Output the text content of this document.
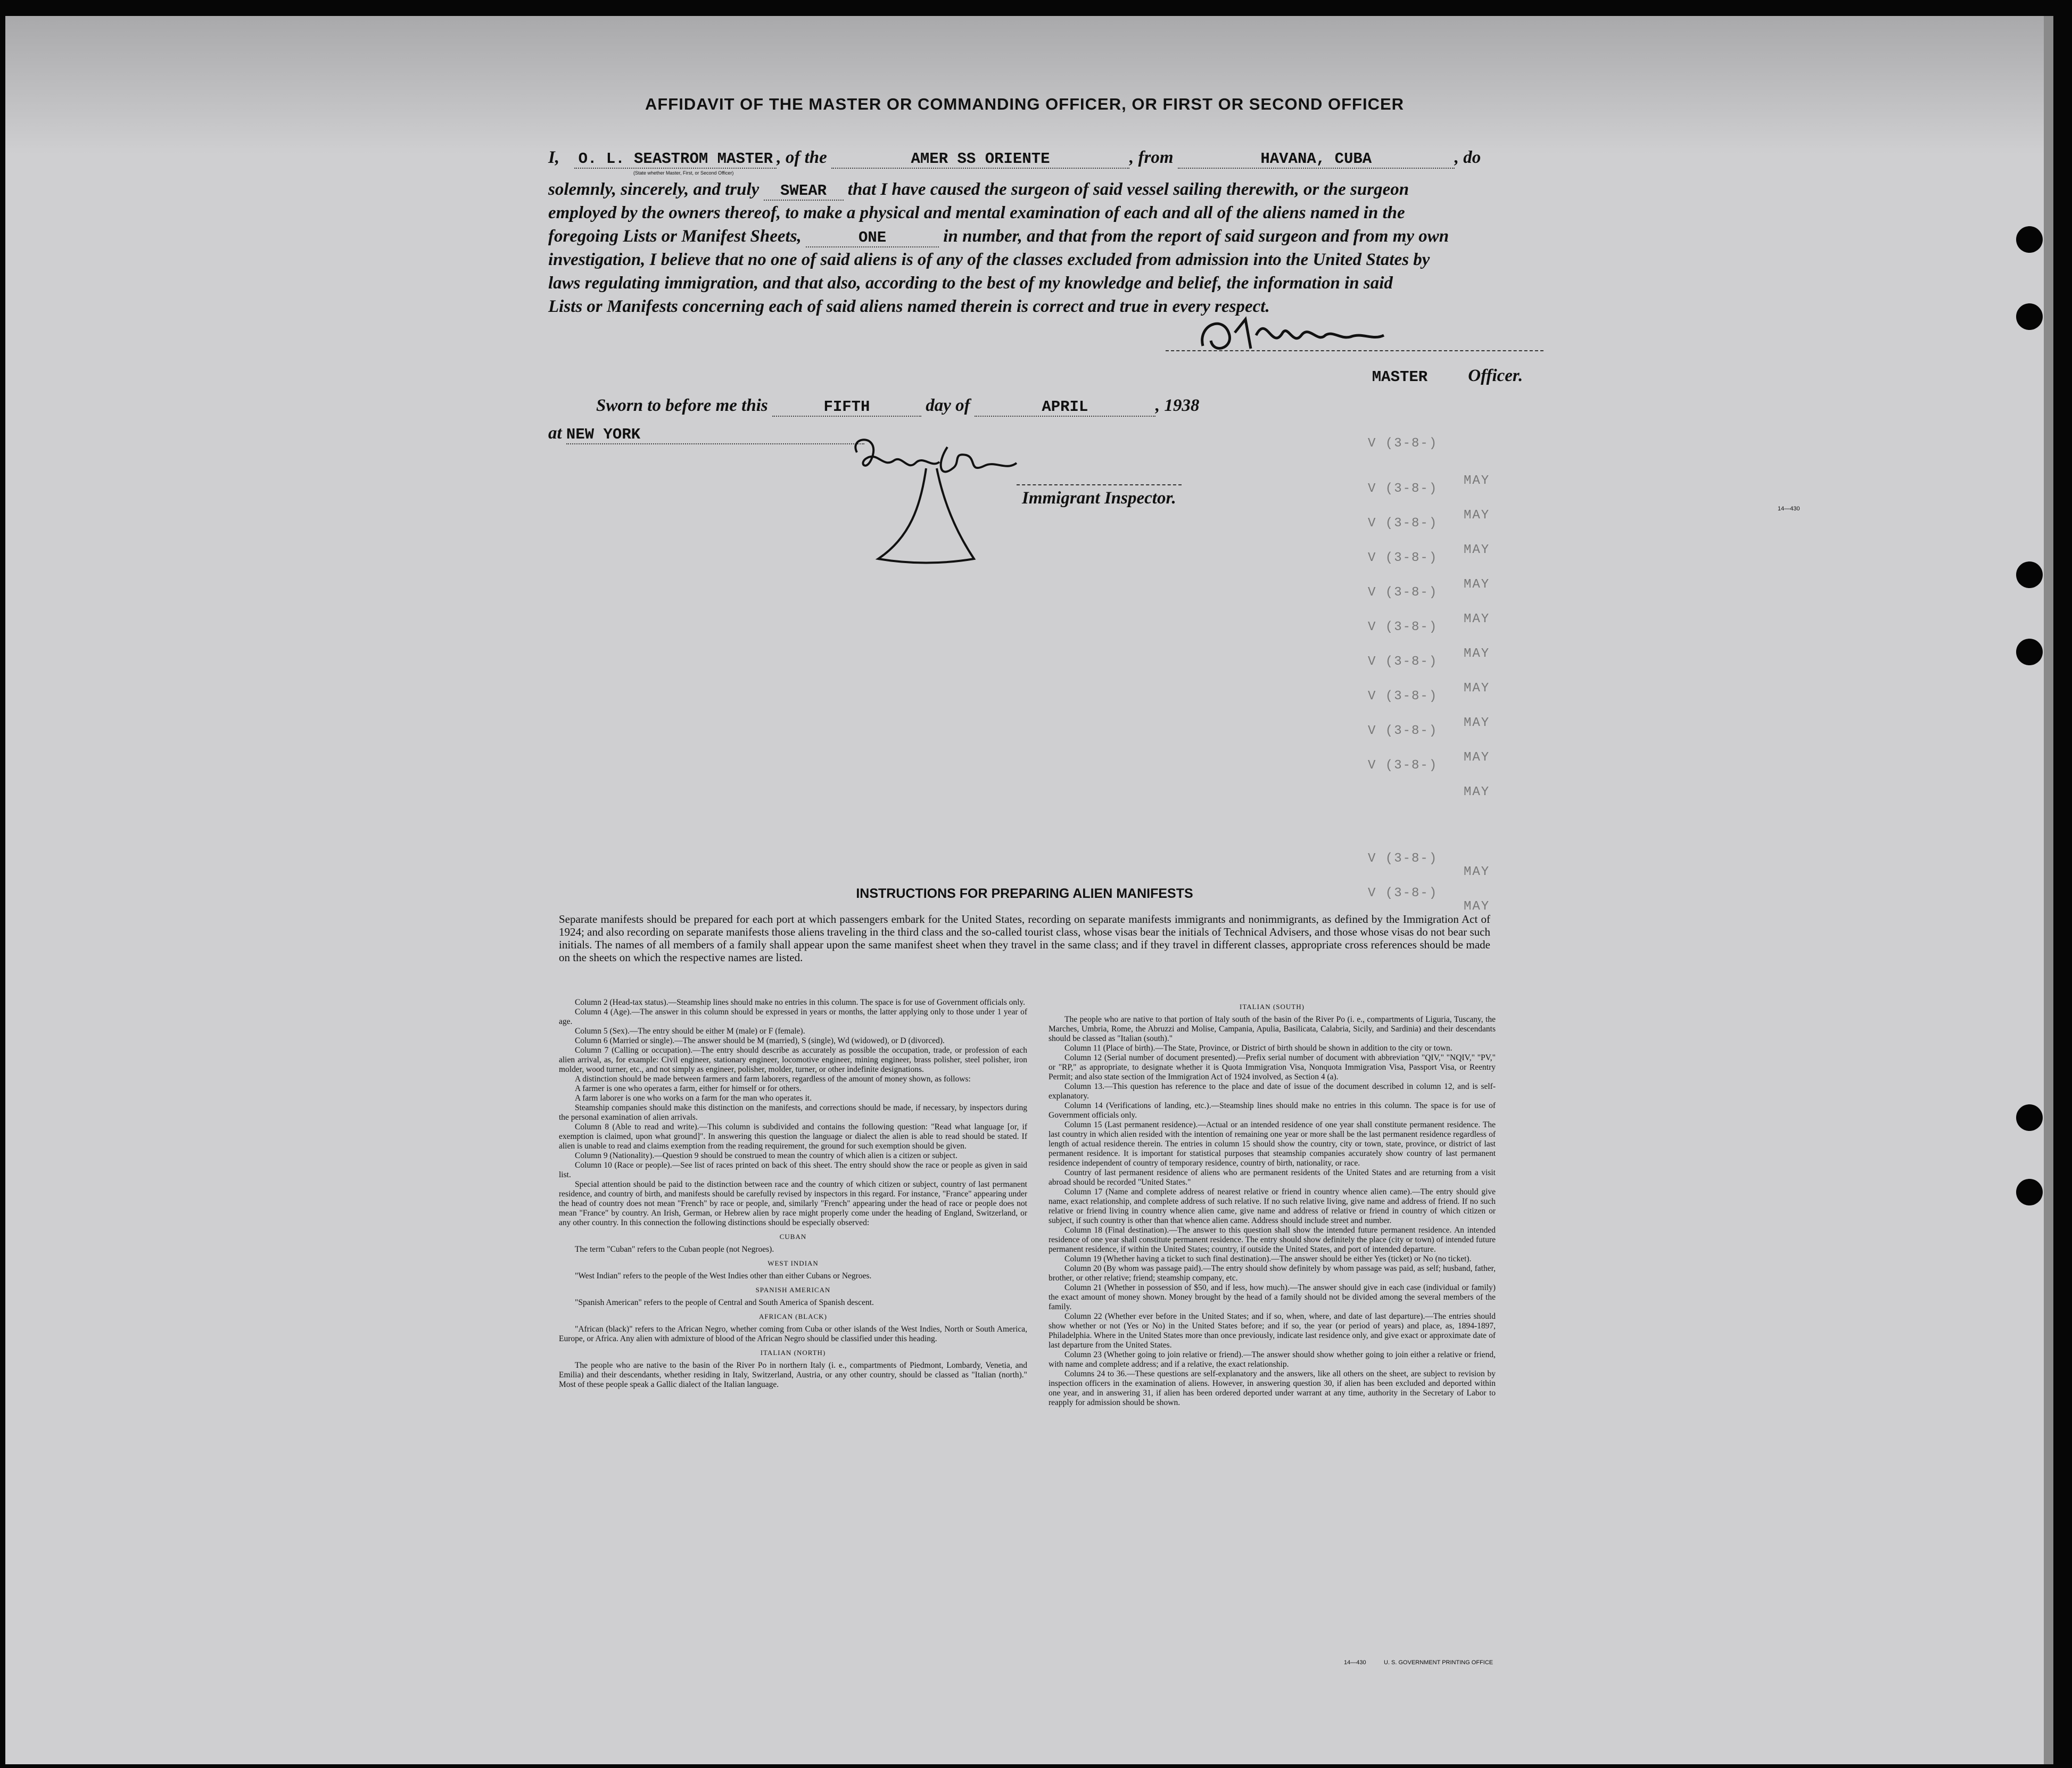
AFFIDAVIT OF THE MASTER OR COMMANDING OFFICER, OR FIRST OR SECOND OFFICER
I, O. L. SEASTROM MASTER , of the	AMER SS ORIENTE	, from	HAVANA, CUBA	, do
(State whether Master, First, or Second Officer)
solemnly, sincerely, and truly SWEAR that I have caused the surgeon of said vessel sailing therewith, or the surgeon
employed by the owners thereof, to make a physical and mental examination of each and all of the aliens named in the
foregoing Lists or Manifest Sheets,	ONE	in number, and that from the report of said surgeon and from my own
investigation, I believe that no one of said aliens is of any of the classes excluded from admission into the United States by
laws regulating immigration, and that also, according to the best of my knowledge and belief, the information in said
Lists or Manifests concerning each of said aliens named therein is correct and true in every respect.
MASTER Officer.
Sworn to before me this	FIFTH	day of	APRIL	, 1938
at NEW YORK
Immigrant Inspector.
V (3-8-)
V (3-8-)
MAY
V (3-8-)
MAY
V (3-8-)
MAY
V (3-8-)
MAY
V (3-8-)
MAY
V (3-8-)
MAY
V (3-8-)
MAY
V (3-8-)
MAY
V (3-8-)
MAY
MAY
V (3-8-)
MAY
V (3-8-)
MAY
14—430
INSTRUCTIONS FOR PREPARING ALIEN MANIFESTS
Separate manifests should be prepared for each port at which passengers embark for the United States, recording on separate manifests immigrants and nonimmigrants, as defined by the Immigration Act of 1924; and also recording on separate manifests those aliens traveling in the third class and the so-called tourist class, whose visas bear the initials of Technical Advisers, and those whose visas do not bear such initials. The names of all members of a family shall appear upon the same manifest sheet when they travel in the same class; and if they travel in different classes, appropriate cross references should be made on the sheets on which the respective names are listed.

Column 2 (Head-tax status).—Steamship lines should make no entries in this column. The space is for use of Government officials only.

Column 4 (Age).—The answer in this column should be expressed in years or months, the latter applying only to those under 1 year of age.

Column 5 (Sex).—The entry should be either M (male) or F (female).

Column 6 (Married or single).—The answer should be M (married), S (single), Wd (widowed), or D (divorced).

Column 7 (Calling or occupation).—The entry should describe as accurately as possible the occupation, trade, or profession of each alien arrival, as, for example: Civil engineer, stationary engineer, locomotive engineer, mining engineer, brass polisher, steel polisher, iron molder, wood turner, etc., and not simply as engineer, polisher, molder, turner, or other indefinite designations.

A distinction should be made between farmers and farm laborers, regardless of the amount of money shown, as follows:

A farmer is one who operates a farm, either for himself or for others.

A farm laborer is one who works on a farm for the man who operates it.

Steamship companies should make this distinction on the manifests, and corrections should be made, if necessary, by inspectors during the personal examination of alien arrivals.

Column 8 (Able to read and write).—This column is subdivided and contains the following question: "Read what language [or, if exemption is claimed, upon what ground]". In answering this question the language or dialect the alien is able to read should be stated. If alien is unable to read and claims exemption from the reading requirement, the ground for such exemption should be given.

Column 9 (Nationality).—Question 9 should be construed to mean the country of which alien is a citizen or subject.

Column 10 (Race or people).—See list of races printed on back of this sheet. The entry should show the race or people as given in said list.

Special attention should be paid to the distinction between race and the country of which citizen or subject, country of last permanent residence, and country of birth, and manifests should be carefully revised by inspectors in this regard. For instance, "France" appearing under the head of country does not mean "French" by race or people, and, similarly "French" appearing under the head of race or people does not mean "France" by country. An Irish, German, or Hebrew alien by race might properly come under the heading of England, Switzerland, or any other country. In this connection the following distinctions should be especially observed:

CUBAN

The term "Cuban" refers to the Cuban people (not Negroes).

WEST INDIAN

"West Indian" refers to the people of the West Indies other than either Cubans or Negroes.

SPANISH AMERICAN

"Spanish American" refers to the people of Central and South America of Spanish descent.

AFRICAN (BLACK)

"African (black)" refers to the African Negro, whether coming from Cuba or other islands of the West Indies, North or South America, Europe, or Africa. Any alien with admixture of blood of the African Negro should be classified under this heading.

ITALIAN (NORTH)

The people who are native to the basin of the River Po in northern Italy (i. e., compartments of Piedmont, Lombardy, Venetia, and Emilia) and their descendants, whether residing in Italy, Switzerland, Austria, or any other country, should be classed as "Italian (north)." Most of these people speak a Gallic dialect of the Italian language.

ITALIAN (SOUTH)

The people who are native to that portion of Italy south of the basin of the River Po (i. e., compartments of Liguria, Tuscany, the Marches, Umbria, Rome, the Abruzzi and Molise, Campania, Apulia, Basilicata, Calabria, Sicily, and Sardinia) and their descendants should be classed as "Italian (south)."

Column 11 (Place of birth).—The State, Province, or District of birth should be shown in addition to the city or town.

Column 12 (Serial number of document presented).—Prefix serial number of document with abbreviation "QIV," "NQIV," "PV," or "RP," as appropriate, to designate whether it is Quota Immigration Visa, Nonquota Immigration Visa, Passport Visa, or Reentry Permit; and also state section of the Immigration Act of 1924 involved, as Section 4 (a).

Column 13.—This question has reference to the place and date of issue of the document described in column 12, and is self-explanatory.

Column 14 (Verifications of landing, etc.).—Steamship lines should make no entries in this column. The space is for use of Government officials only.

Column 15 (Last permanent residence).—Actual or an intended residence of one year shall constitute permanent residence. The last country in which alien resided with the intention of remaining one year or more shall be the last permanent residence regardless of length of actual residence therein. The entries in column 15 should show the country, city or town, state, province, or district of last permanent residence. It is important for statistical purposes that steamship companies accurately show country of last permanent residence independent of country of temporary residence, country of birth, nationality, or race.

Country of last permanent residence of aliens who are permanent residents of the United States and are returning from a visit abroad should be recorded "United States."

Column 17 (Name and complete address of nearest relative or friend in country whence alien came).—The entry should give name, exact relationship, and complete address of such relative. If no such relative living, give name and address of friend. If no such relative or friend living in country whence alien came, give name and address of relative or friend in country of which citizen or subject, if such country is other than that whence alien came. Address should include street and number.

Column 18 (Final destination).—The answer to this question shall show the intended future permanent residence. An intended residence of one year shall constitute permanent residence. The entry should show definitely the place (city or town) of intended future permanent residence, if within the United States; country, if outside the United States, and port of intended departure.

Column 19 (Whether having a ticket to such final destination).—The answer should be either Yes (ticket) or No (no ticket).

Column 20 (By whom was passage paid).—The entry should show definitely by whom passage was paid, as self; husband, father, brother, or other relative; friend; steamship company, etc.

Column 21 (Whether in possession of $50, and if less, how much).—The answer should give in each case (individual or family) the exact amount of money shown. Money brought by the head of a family should not be divided among the several members of the family.

Column 22 (Whether ever before in the United States; and if so, when, where, and date of last departure).—The entries should show whether or not (Yes or No) in the United States before; and if so, the year (or period of years) and place, as, 1894-1897, Philadelphia. Where in the United States more than once previously, indicate last residence only, and give exact or approximate date of last departure from the United States.

Column 23 (Whether going to join relative or friend).—The answer should show whether going to join either a relative or friend, with name and complete address; and if a relative, the exact relationship.

Columns 24 to 36.—These questions are self-explanatory and the answers, like all others on the sheet, are subject to revision by inspection officers in the examination of aliens. However, in answering question 30, if alien has been excluded and deported within one year, and in answering 31, if alien has been ordered deported under warrant at any time, authority in the Secretary of Labor to reapply for admission should be shown.

14—430	U. S. GOVERNMENT PRINTING OFFICE
